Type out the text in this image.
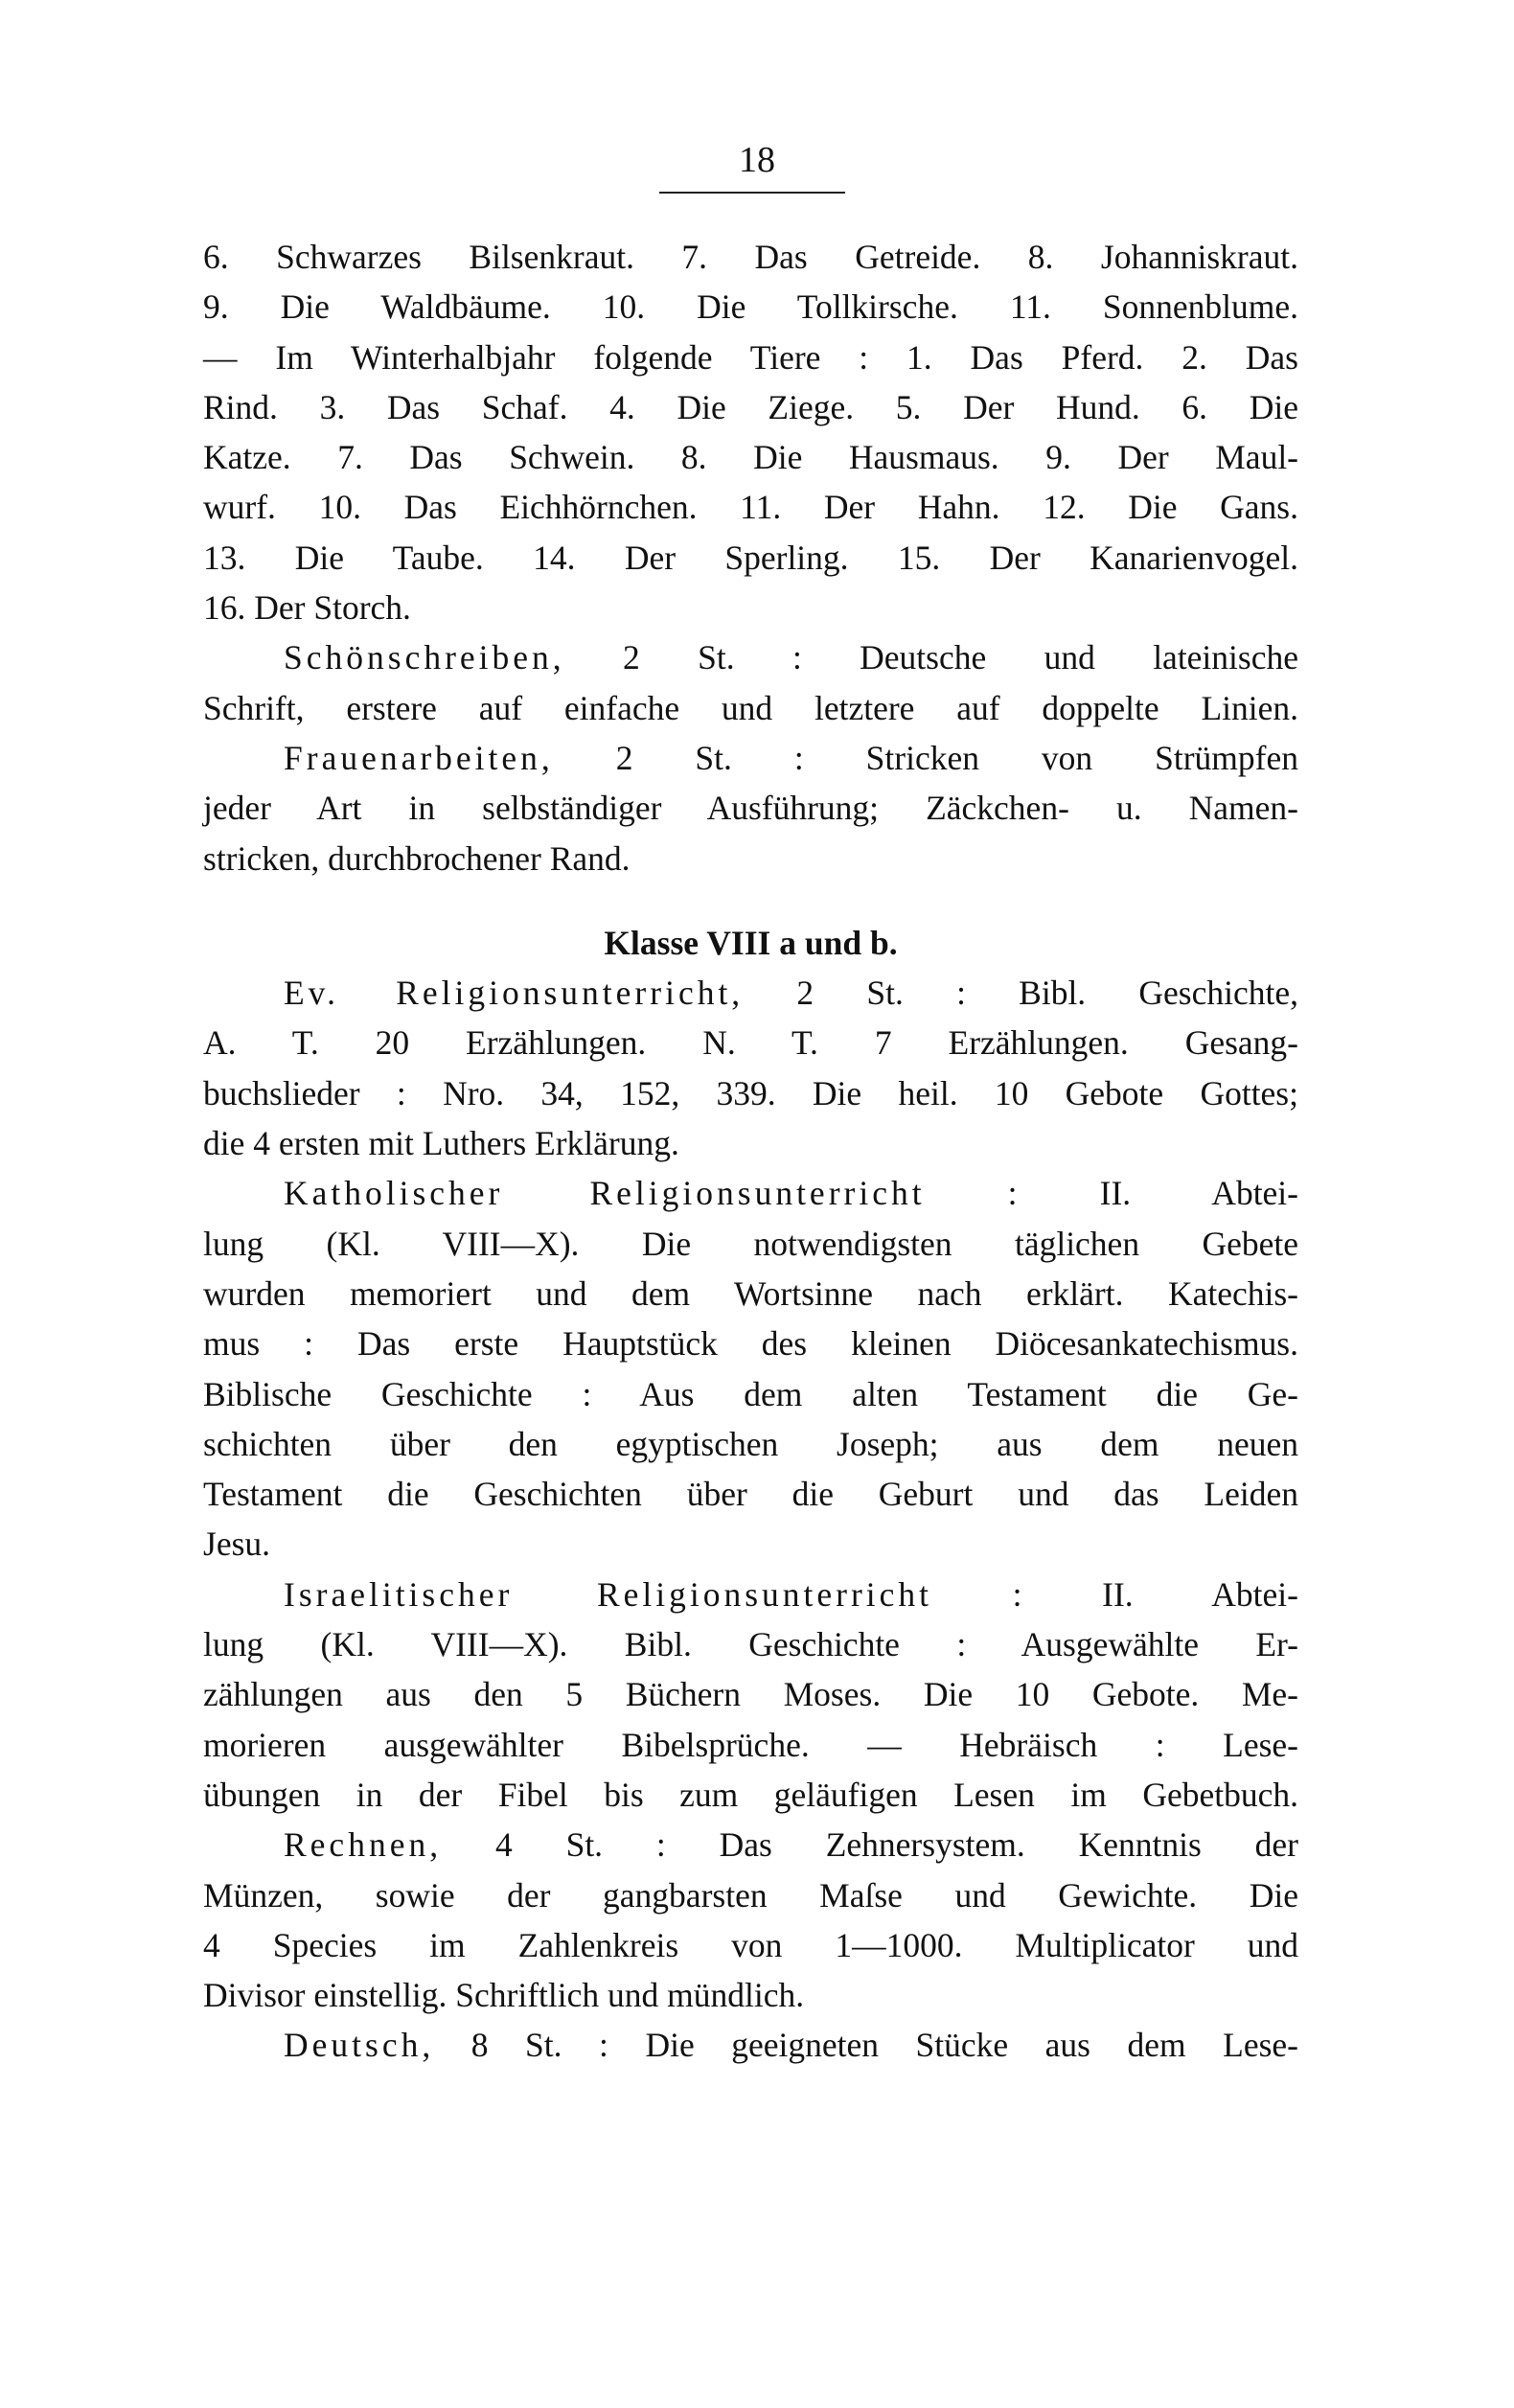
18
6. Schwarzes Bilsenkraut. 7. Das Getreide. 8. Johanniskraut.
9. Die Waldbäume. 10. Die Tollkirsche. 11. Sonnenblume.
— Im Winterhalbjahr folgende Tiere : 1. Das Pferd. 2. Das
Rind. 3. Das Schaf. 4. Die Ziege. 5. Der Hund. 6. Die
Katze. 7. Das Schwein. 8. Die Hausmaus. 9. Der Maul-
wurf. 10. Das Eichhörnchen. 11. Der Hahn. 12. Die Gans.
13. Die Taube. 14. Der Sperling. 15. Der Kanarienvogel.
16. Der Storch.
Schönschreiben, 2 St. : Deutsche und lateinische
Schrift, erstere auf einfache und letztere auf doppelte Linien.
Frauenarbeiten, 2 St. : Stricken von Strümpfen
jeder Art in selbständiger Ausführung; Zäckchen- u. Namen-
stricken, durchbrochener Rand.
Klasse VIII a und b.
Ev. Religionsunterricht, 2 St. : Bibl. Geschichte,
A. T. 20 Erzählungen. N. T. 7 Erzählungen. Gesang-
buchslieder : Nro. 34, 152, 339. Die heil. 10 Gebote Gottes;
die 4 ersten mit Luthers Erklärung.
Katholischer Religionsunterricht : II. Abtei-
lung (Kl. VIII—X). Die notwendigsten täglichen Gebete
wurden memoriert und dem Wortsinne nach erklärt. Katechis-
mus : Das erste Hauptstück des kleinen Diöcesankatechismus.
Biblische Geschichte : Aus dem alten Testament die Ge-
schichten über den egyptischen Joseph; aus dem neuen
Testament die Geschichten über die Geburt und das Leiden
Jesu.
Israelitischer Religionsunterricht : II. Abtei-
lung (Kl. VIII—X). Bibl. Geschichte : Ausgewählte Er-
zählungen aus den 5 Büchern Moses. Die 10 Gebote. Me-
morieren ausgewählter Bibelsprüche. — Hebräisch : Lese-
übungen in der Fibel bis zum geläufigen Lesen im Gebetbuch.
Rechnen, 4 St. : Das Zehnersystem. Kenntnis der
Münzen, sowie der gangbarsten Maſse und Gewichte. Die
4 Species im Zahlenkreis von 1—1000. Multiplicator und
Divisor einstellig. Schriftlich und mündlich.
Deutsch, 8 St. : Die geeigneten Stücke aus dem Lese-
